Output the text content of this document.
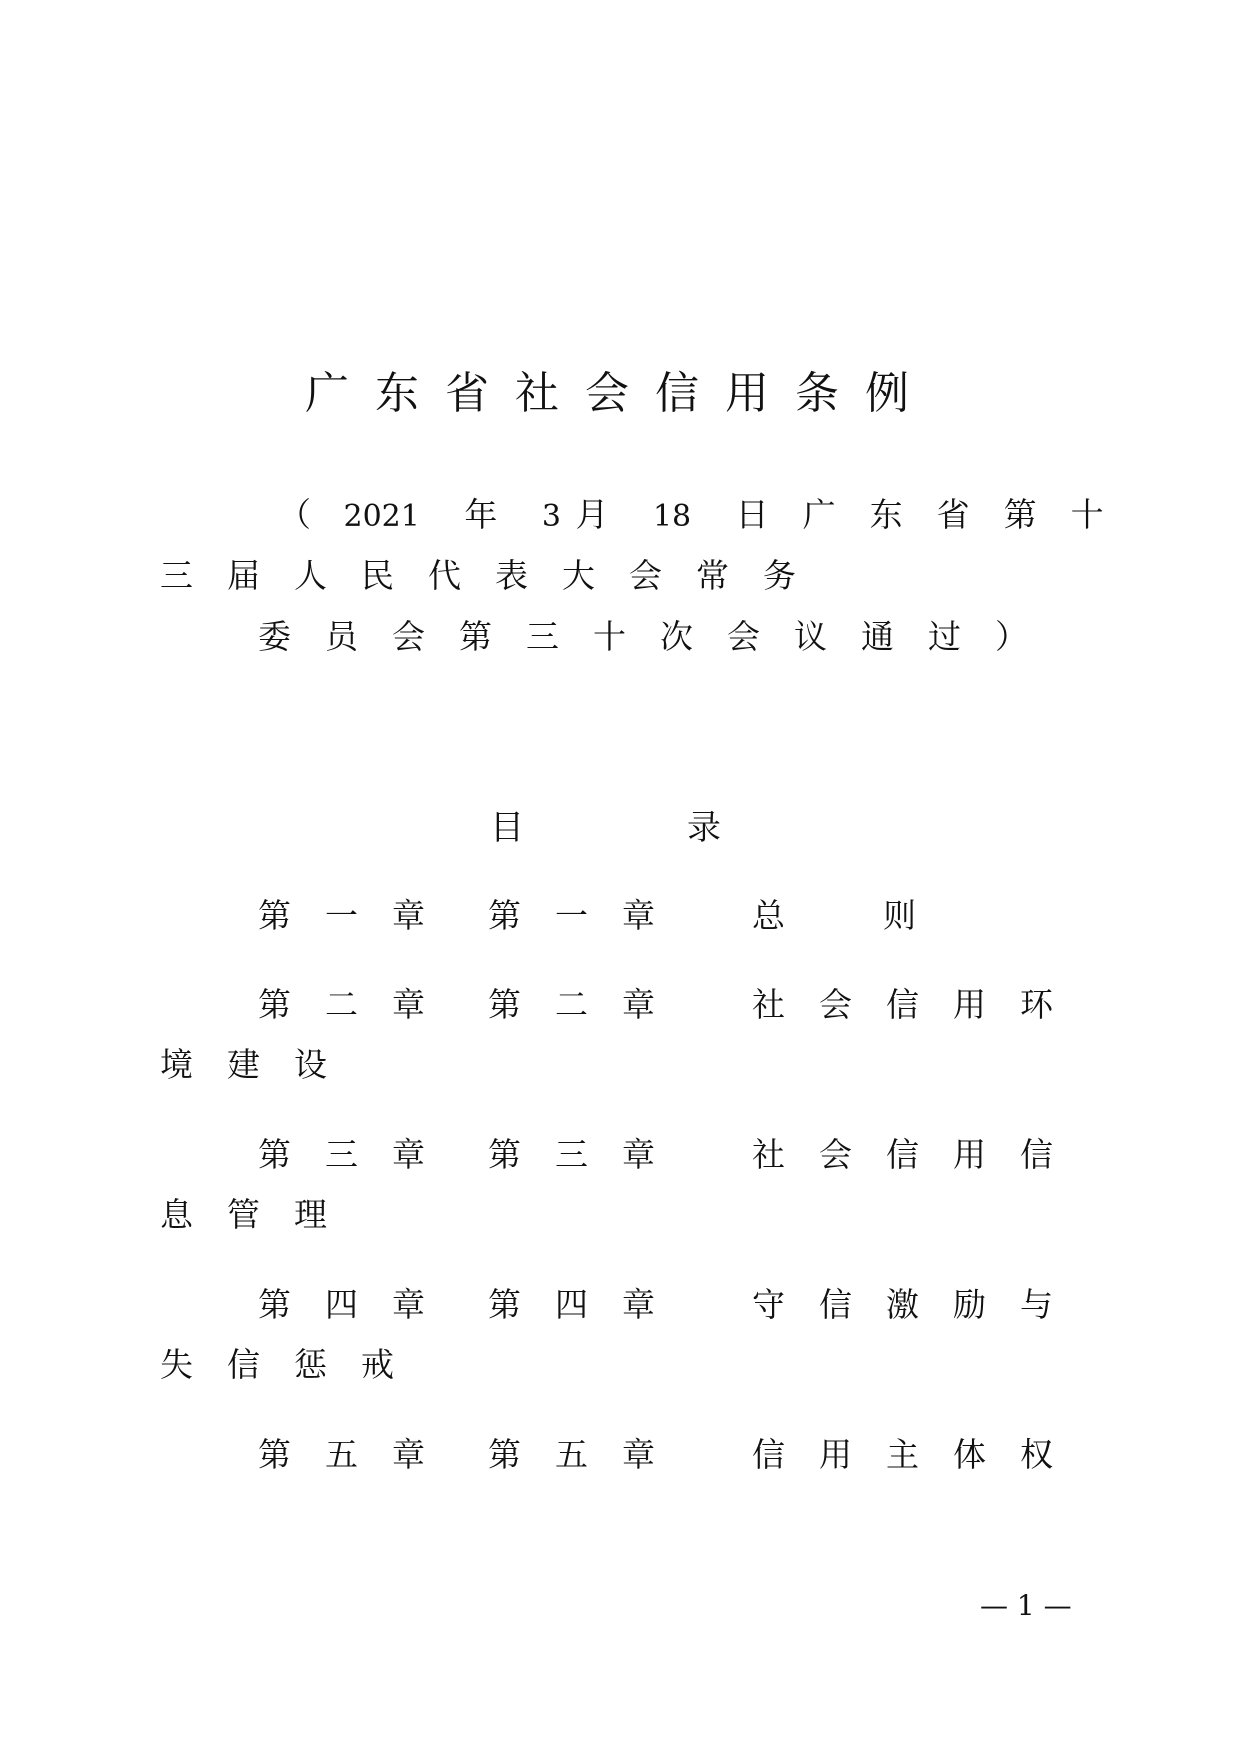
广东省社会信用条例
（ 2021 年 3 月 18 日广东省第十
三届人民代表大会常务
委员会第三十次会议通过）
目	录
第一章 第一章 总 则
第二章 第二章 社会信用环
境建设
第三章 第三章 社会信用信
息管理
第四章 第四章 守信激励与
失信惩戒
第五章 第五章 信用主体权
— 1 —
